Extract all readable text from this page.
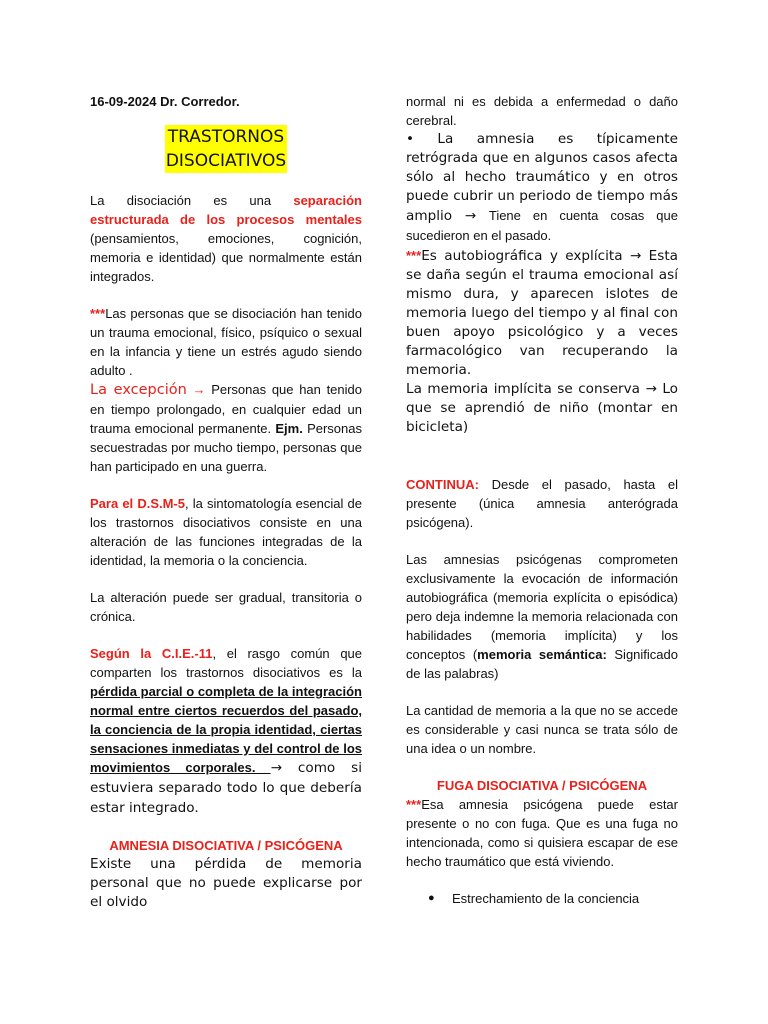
16-09-2024 Dr. Corredor.

TRASTORNOS
DISOCIATIVOS

La disociación es una separación estructurada de los procesos mentales (pensamientos, emociones, cognición, memoria e identidad) que normalmente están integrados.

***Las personas que se disociación han tenido un trauma emocional, físico, psíquico o sexual en la infancia y tiene un estrés agudo siendo adulto .

La excepción → Personas que han tenido en tiempo prolongado, en cualquier edad un trauma emocional permanente. Ejm. Personas secuestradas por mucho tiempo, personas que han participado en una guerra.

Para el D.S.M-5, la sintomatología esencial de los trastornos disociativos consiste en una alteración de las funciones integradas de la identidad, la memoria o la conciencia.

La alteración puede ser gradual, transitoria o crónica.

Según la C.I.E.-11, el rasgo común que comparten los trastornos disociativos es la pérdida parcial o completa de la integración normal entre ciertos recuerdos del pasado, la conciencia de la propia identidad, ciertas sensaciones inmediatas y del control de los movimientos corporales. → como si estuviera separado todo lo que debería estar integrado.

AMNESIA DISOCIATIVA / PSICÓGENA

Existe una pérdida de memoria personal que no puede explicarse por el olvido

normal ni es debida a enfermedad o daño cerebral.

• La amnesia es típicamente retrógrada que en algunos casos afecta sólo al hecho traumático y en otros puede cubrir un periodo de tiempo más amplio → Tiene en cuenta cosas que sucedieron en el pasado.

***Es autobiográfica y explícita → Esta se daña según el trauma emocional así mismo dura, y aparecen islotes de memoria luego del tiempo y al final con buen apoyo psicológico y a veces farmacológico van recuperando la memoria.

La memoria implícita se conserva → Lo que se aprendió de niño (montar en bicicleta)

CONTINUA: Desde el pasado, hasta el presente (única amnesia anterógrada psicógena).

Las amnesias psicógenas comprometen exclusivamente la evocación de información autobiográfica (memoria explícita o episódica) pero deja indemne la memoria relacionada con habilidades (memoria implícita) y los conceptos (memoria semántica: Significado de las palabras)

La cantidad de memoria a la que no se accede es considerable y casi nunca se trata sólo de una idea o un nombre.

FUGA DISOCIATIVA / PSICÓGENA

***Esa amnesia psicógena puede estar presente o no con fuga. Que es una fuga no intencionada, como si quisiera escapar de ese hecho traumático que está viviendo.

● Estrechamiento de la conciencia
